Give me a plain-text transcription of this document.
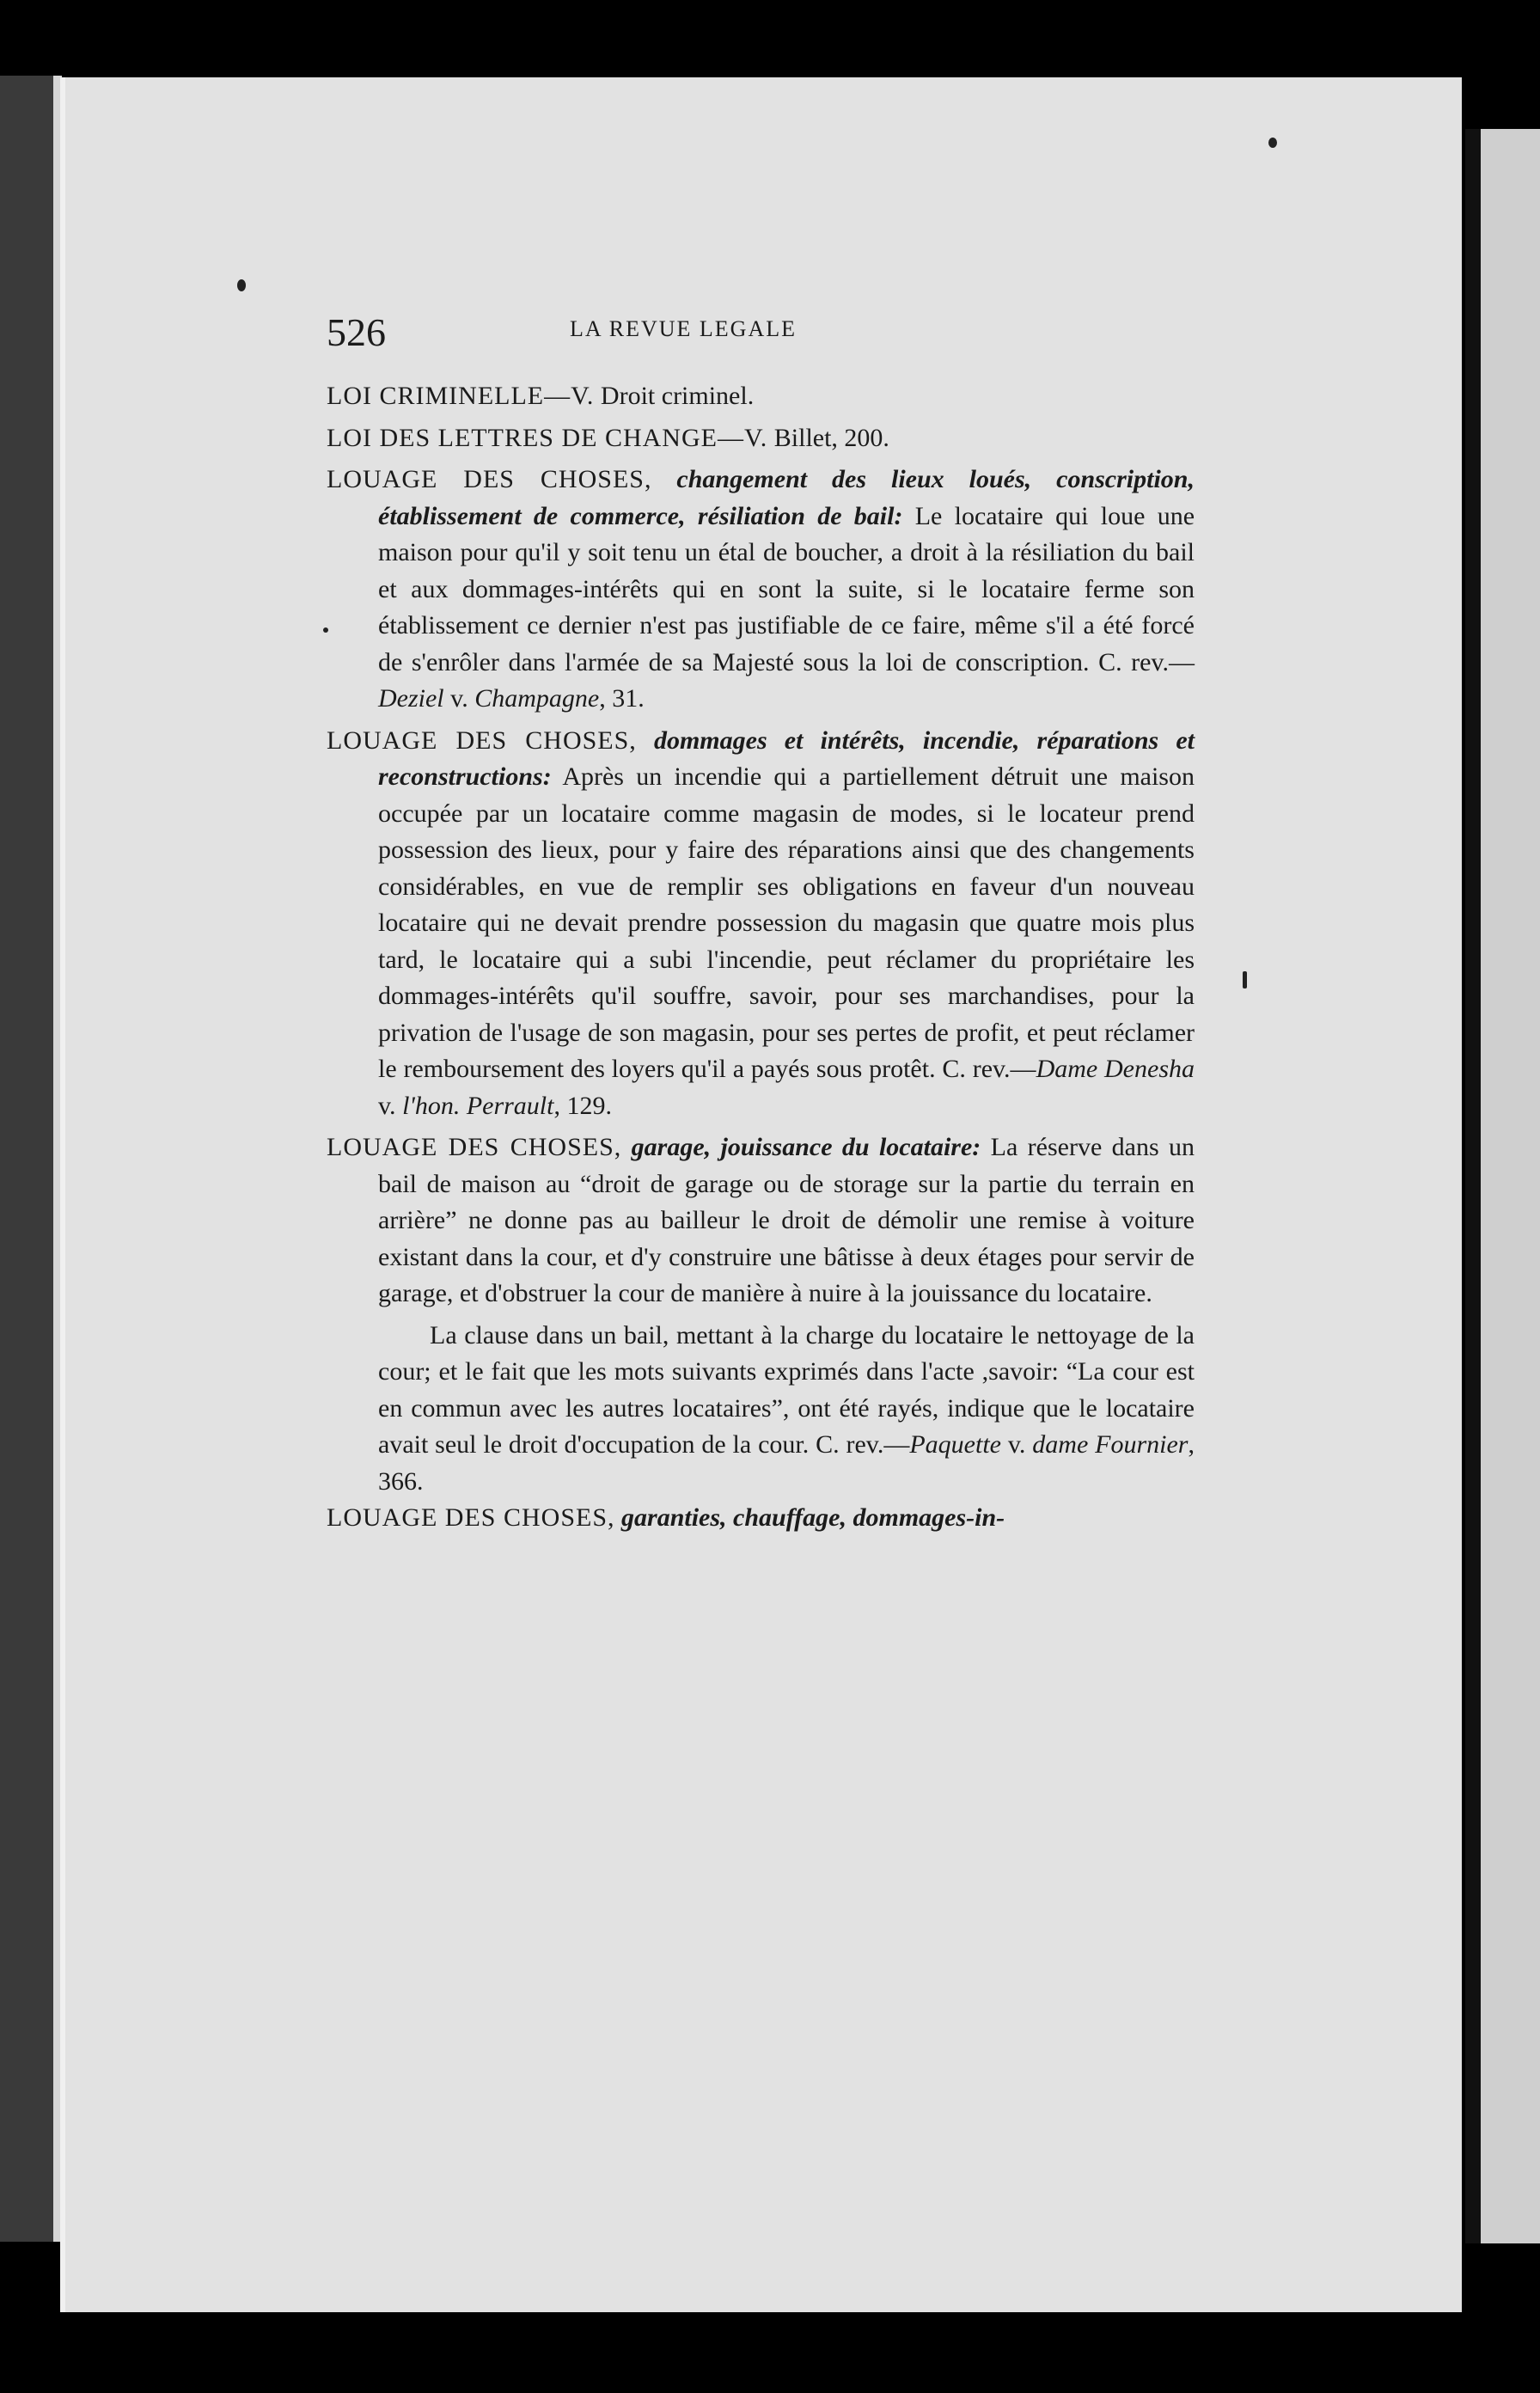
526	LA REVUE LEGALE

LOI CRIMINELLE—V. Droit criminel.

LOI DES LETTRES DE CHANGE—V. Billet, 200.

LOUAGE DES CHOSES, changement des lieux loués, conscription, établissement de commerce, résiliation de bail: Le locataire qui loue une maison pour qu'il y soit tenu un étal de boucher, a droit à la résiliation du bail et aux dommages-intérêts qui en sont la suite, si le locataire ferme son établissement ce dernier n'est pas justifiable de ce faire, même s'il a été forcé de s'enrôler dans l'armée de sa Majesté sous la loi de conscription. C. rev.—Deziel v. Champagne, 31.

LOUAGE DES CHOSES, dommages et intérêts, incendie, réparations et reconstructions: Après un incendie qui a partiellement détruit une maison occupée par un locataire comme magasin de modes, si le locateur prend possession des lieux, pour y faire des réparations ainsi que des changements considérables, en vue de remplir ses obligations en faveur d'un nouveau locataire qui ne devait prendre possession du magasin que quatre mois plus tard, le locataire qui a subi l'incendie, peut réclamer du propriétaire les dommages-intérêts qu'il souffre, savoir, pour ses marchandises, pour la privation de l'usage de son magasin, pour ses pertes de profit, et peut réclamer le remboursement des loyers qu'il a payés sous protêt. C. rev.—Dame Denesha v. l'hon. Perrault, 129.

LOUAGE DES CHOSES, garage, jouissance du locataire: La réserve dans un bail de maison au “droit de garage ou de storage sur la partie du terrain en arrière” ne donne pas au bailleur le droit de démolir une remise à voiture existant dans la cour, et d'y construire une bâtisse à deux étages pour servir de garage, et d'obstruer la cour de manière à nuire à la jouissance du locataire.

La clause dans un bail, mettant à la charge du locataire le nettoyage de la cour; et le fait que les mots suivants exprimés dans l'acte ,savoir: “La cour est en commun avec les autres locataires”, ont été rayés, indique que le locataire avait seul le droit d'occupation de la cour. C. rev.—Paquette v. dame Fournier, 366.

LOUAGE DES CHOSES, garanties, chauffage, dommages-in-
